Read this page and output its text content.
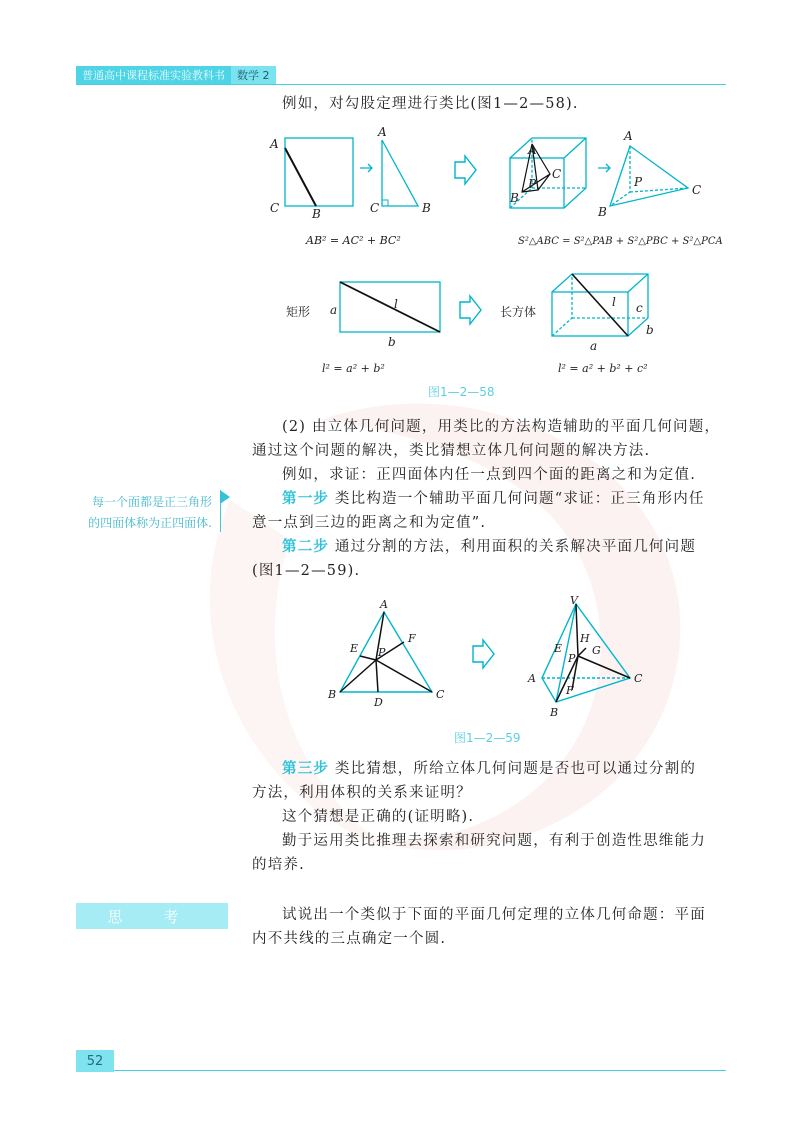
普通高中课程标准实验教科书	数学 2
例如，对勾股定理进行类比(图1—2—58).
A
C	B
A
C	B
A
C
P
B
A
P
C
B
a	l
b
l c
b
a
AB² = AC² + BC²	S²△ABC = S²△PAB + S²△PBC + S²△PCA
l² = a² + b²	l² = a² + b² + c²
矩形	长方体
图1—2—58
(2) 由立体几何问题，用类比的方法构造辅助的平面几何问题，
通过这个问题的解决，类比猜想立体几何问题的解决方法.
例如，求证：正四面体内任一点到四个面的距离之和为定值.
每一个面都是正三角形的四面体称为正四面体.
第一步 类比构造一个辅助平面几何问题“求证：正三角形内任
意一点到三边的距离之和为定值”.
第二步 通过分割的方法，利用面积的关系解决平面几何问题
(图1—2—59).
A
E
F
P
B	C
D
V
H
E
P
G
A	C
F
B
图1—2—59
第三步 类比猜想，所给立体几何问题是否也可以通过分割的
方法，利用体积的关系来证明？
这个猜想是正确的(证明略).
勤于运用类比推理去探索和研究问题，有利于创造性思维能力
的培养.
思 考	试说出一个类似于下面的平面几何定理的立体几何命题：平面
内不共线的三点确定一个圆.
52
